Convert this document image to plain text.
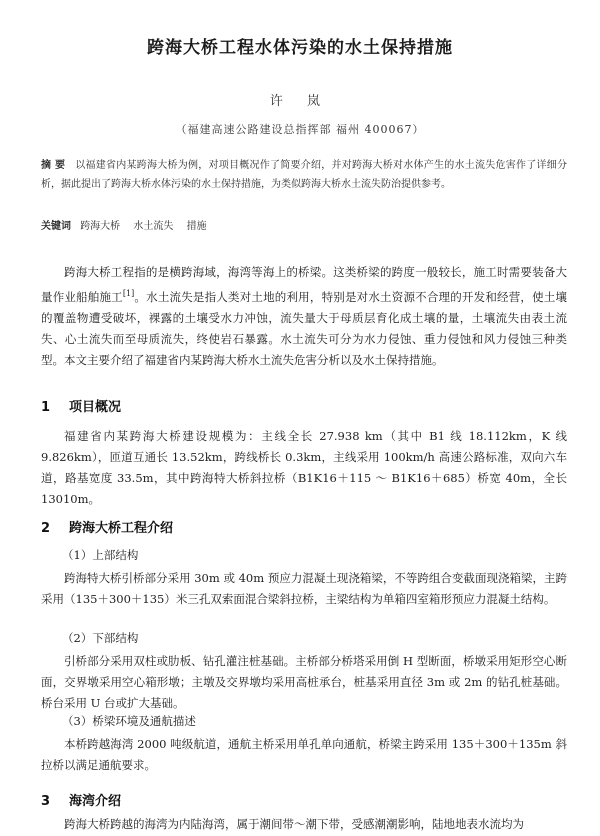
跨海大桥工程水体污染的水土保持措施
许 岚
（福建高速公路建设总指挥部 福州 400067）
摘 要 以福建省内某跨海大桥为例，对项目概况作了简要介绍，并对跨海大桥对水体产生的水土流失危害作了详细分析，据此提出了跨海大桥水体污染的水土保持措施，为类似跨海大桥水土流失防治提供参考。
关键词 跨海大桥 水土流失 措施

跨海大桥工程指的是横跨海域，海湾等海上的桥梁。这类桥梁的跨度一般较长，施工时需要装备大量作业船舶施工[1]。水土流失是指人类对土地的利用，特别是对水土资源不合理的开发和经营，使土壤的覆盖物遭受破坏，裸露的土壤受水力冲蚀，流失量大于母质层育化成土壤的量，土壤流失由表土流失、心土流失而至母质流失，终使岩石暴露。水土流失可分为水力侵蚀、重力侵蚀和风力侵蚀三种类型。本文主要介绍了福建省内某跨海大桥水土流失危害分析以及水土保持措施。

1 项目概况

福建省内某跨海大桥建设规模为：主线全长 27.938 km（其中 B1 线 18.112km，K 线 9.826km），匝道互通长 13.52km，跨线桥长 0.3km，主线采用 100km/h 高速公路标准，双向六车道，路基宽度 33.5m，其中跨海特大桥斜拉桥（B1K16＋115 ～ B1K16＋685）桥宽 40m，全长 13010m。

2 跨海大桥工程介绍
（1）上部结构

跨海特大桥引桥部分采用 30m 或 40m 预应力混凝土现浇箱梁，不等跨组合变截面现浇箱梁，主跨采用（135＋300＋135）米三孔双索面混合梁斜拉桥，主梁结构为单箱四室箱形预应力混凝土结构。

（2）下部结构

引桥部分采用双柱或肋板、钻孔灌注桩基础。主桥部分桥塔采用倒 H 型断面，桥墩采用矩形空心断面，交界墩采用空心箱形墩；主墩及交界墩均采用高桩承台，桩基采用直径 3m 或 2m 的钻孔桩基础。桥台采用 U 台或扩大基础。

（3）桥梁环境及通航描述

本桥跨越海湾 2000 吨级航道，通航主桥采用单孔单向通航，桥梁主跨采用 135＋300＋135m 斜拉桥以满足通航要求。

3 海湾介绍

跨海大桥跨越的海湾为内陆海湾，属于潮间带～潮下带，受感潮潮影响，陆地地表水流均为
